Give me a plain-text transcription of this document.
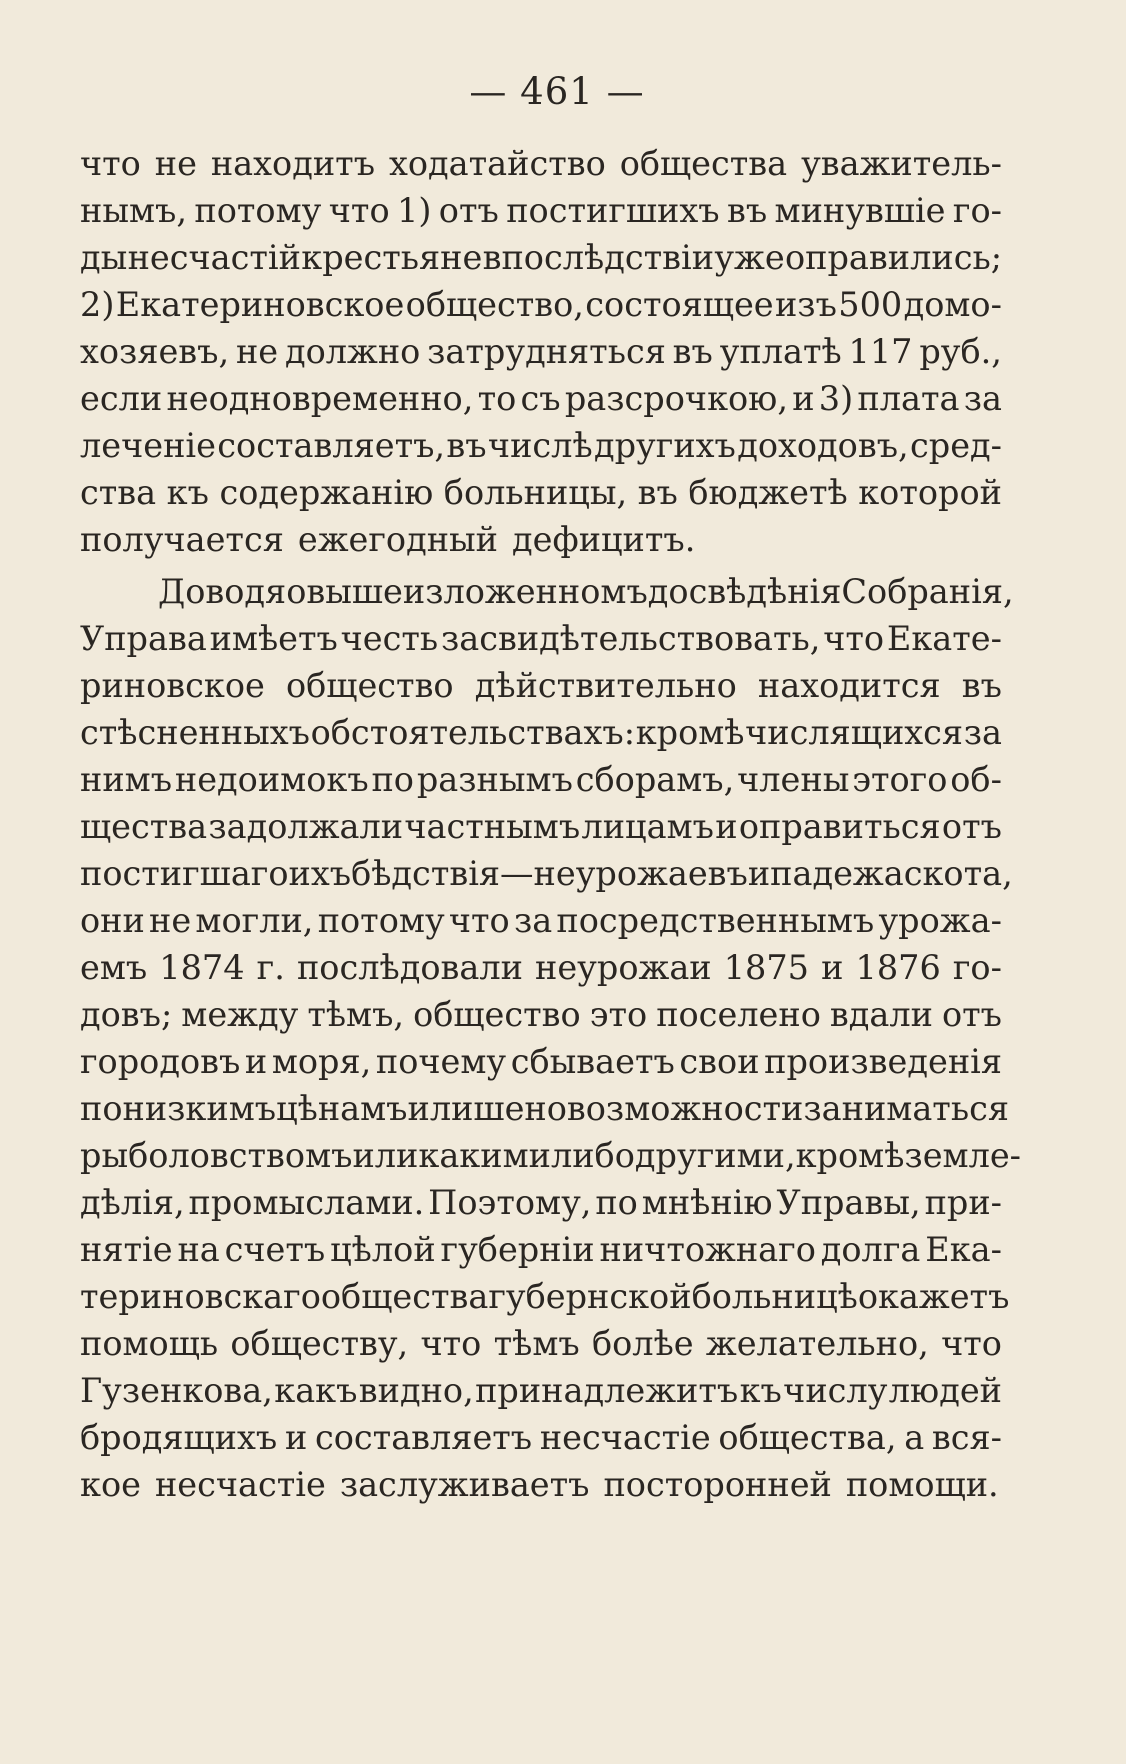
— 461 —
что не находитъ ходатайство общества уважитель-
нымъ, потому что 1) отъ постигшихъ въ минувшіе го-
ды несчастій крестьяне впослѣдствіи уже оправились;
2) Екатериновское общество, состоящее изъ 500 домо-
хозяевъ, не должно затрудняться въ уплатѣ 117 руб.,
если неодновременно, то съ разсрочкою, и 3) плата за
леченіе составляетъ, въ числѣ другихъ доходовъ, сред-
ства къ содержанію больницы, въ бюджетѣ которой
получается ежегодный дефицитъ.
Доводя о вышеизложенномъ до свѣдѣнія Собранія,
Управа имѣетъ честь засвидѣтельствовать, что Екате-
риновское общество дѣйствительно находится въ
стѣсненныхъ обстоятельствахъ: кромѣ числящихся за
нимъ недоимокъ по разнымъ сборамъ, члены этого об-
щества задолжали частнымъ лицамъ и оправиться отъ
постигшаго ихъ бѣдствія—неурожаевъ и падежа скота,
они не могли, потому что за посредственнымъ урожа-
емъ 1874 г. послѣдовали неурожаи 1875 и 1876 го-
довъ; между тѣмъ, общество это поселено вдали отъ
городовъ и моря, почему сбываетъ свои произведенія
по низкимъ цѣнамъ и лишено возможности заниматься
рыболовствомъ или какими либо другими, кромѣ земле-
дѣлія, промыслами. Поэтому, по мнѣнію Управы, при-
нятіе на счетъ цѣлой губерніи ничтожнаго долга Ека-
териновскаго общества губернской больницѣ окажетъ
помощь обществу, что тѣмъ болѣе желательно, что
Гузенкова, какъ видно, принадлежитъ къ числу людей
бродящихъ и составляетъ несчастіе общества, а вся-
кое несчастіе заслуживаетъ посторонней помощи.
